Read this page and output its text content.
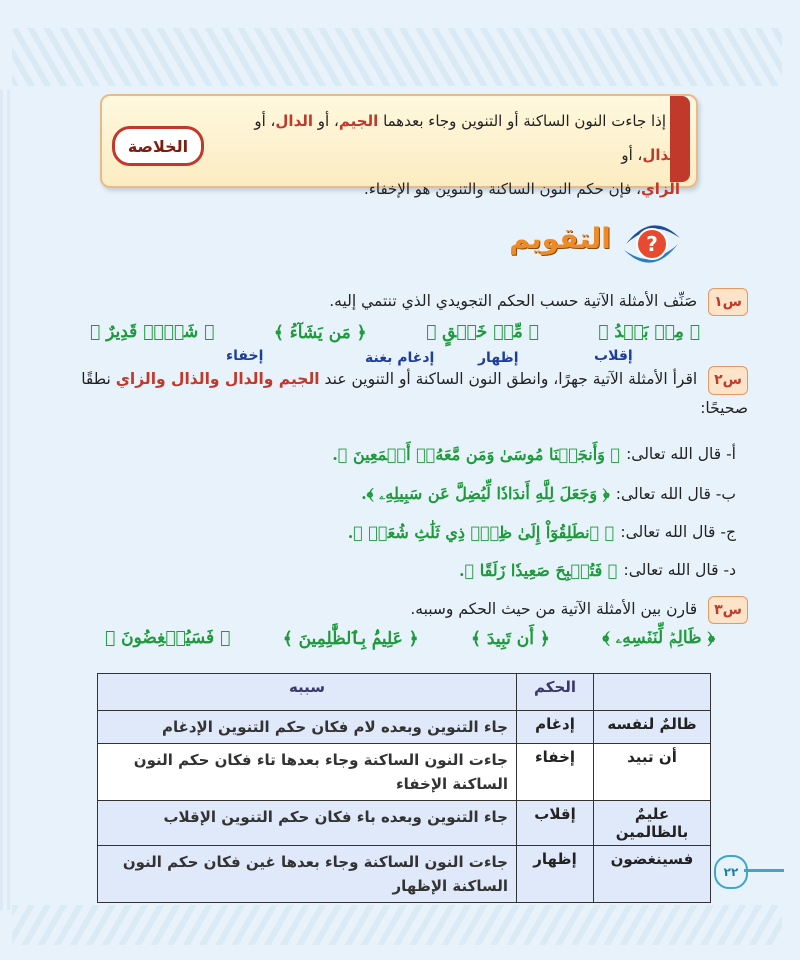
الخلاصة
o إذا جاءت النون الساكنة أو التنوين وجاء بعدهما الجيم، أو الدال، أو الذال، أو
الزاي، فإن حكم النون الساكنة والتنوين هو الإخفاء.
التقويم ?
س١ صَنِّف الأمثلة الآتية حسب الحكم التجويدي الذي تنتمي إليه.
﴿ مِنۢ بَعۡدُ ﴾
﴿ مِّنۡ خَلۡقٍ ﴾
﴿ مَن يَشَآءُ ﴾
﴿ شَيۡءٖ قَدِيرٌ ﴾
إقلاب
إظهار
إدغام بغنة
إخفاء
س٢ اقرأ الأمثلة الآتية جهرًا، وانطق النون الساكنة أو التنوين عند الجيم والدال والذال والزاي نطقًا صحيحًا:
أ- قال الله تعالى:
﴿ وَأَنجَيۡنَا مُوسَىٰ وَمَن مَّعَهُۥٓ أَجۡمَعِينَ ﴾.
ب- قال الله تعالى:
﴿ وَجَعَلَ لِلَّهِ أَندَادٗا لِّيُضِلَّ عَن سَبِيلِهِۦ ﴾.
ج- قال الله تعالى:
﴿ ٱنطَلِقُوٓاْ إِلَىٰ ظِلّٖ ذِي ثَلَٰثِ شُعَبٖ ﴾.
د- قال الله تعالى:
﴿ فَتُصۡبِحَ صَعِيدٗا زَلَقًا ﴾.
س٣ قارن بين الأمثلة الآتية من حيث الحكم وسببه.
﴿ ظَالِمٞ لِّنَفۡسِهِۦ ﴾
﴿ أَن تَبِيدَ ﴾
﴿ عَلِيمُۢ بِٱلظَّٰلِمِينَ ﴾
﴿ فَسَيُنۡغِضُونَ ﴾
	الحكم	سببه
ظالمٌ لنفسه	إدغام	جاء التنوين وبعده لام فكان حكم التنوين الإدغام
أن تبيد	إخفاء	جاءت النون الساكنة وجاء بعدها تاء فكان حكم النون الساكنة الإخفاء
عليمٌ بالظالمين	إقلاب	جاء التنوين وبعده باء فكان حكم التنوين الإقلاب
فسينغضون	إظهار	جاءت النون الساكنة وجاء بعدها غين فكان حكم النون الساكنة الإظهار
٢٢
